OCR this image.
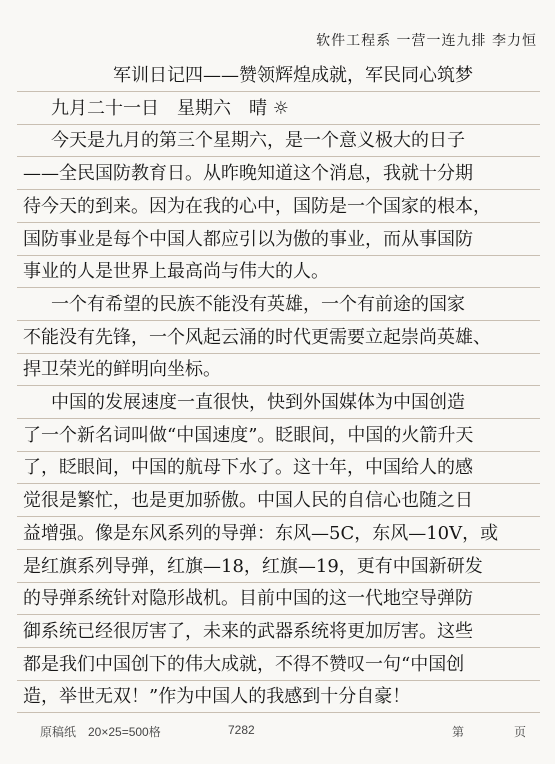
软件工程系 一营一连九排 李力恒
军训日记四——赞领辉煌成就，军民同心筑梦
九月二十一日　星期六　晴 ☼
今天是九月的第三个星期六，是一个意义极大的日子
——全民国防教育日。从昨晚知道这个消息，我就十分期
待今天的到来。因为在我的心中，国防是一个国家的根本，
国防事业是每个中国人都应引以为傲的事业，而从事国防
事业的人是世界上最高尚与伟大的人。
一个有希望的民族不能没有英雄，一个有前途的国家
不能没有先锋，一个风起云涌的时代更需要立起崇尚英雄、
捍卫荣光的鲜明向坐标。
中国的发展速度一直很快，快到外国媒体为中国创造
了一个新名词叫做“中国速度”。眨眼间，中国的火箭升天
了，眨眼间，中国的航母下水了。这十年，中国给人的感
觉很是繁忙，也是更加骄傲。中国人民的自信心也随之日
益增强。像是东风系列的导弹：东风—5C，东风—10V，或
是红旗系列导弹，红旗—18，红旗—19，更有中国新研发
的导弹系统针对隐形战机。目前中国的这一代地空导弹防
御系统已经很厉害了，未来的武器系统将更加厉害。这些
都是我们中国创下的伟大成就，不得不赞叹一句“中国创
造，举世无双！”作为中国人的我感到十分自豪！
原稿纸　20×25=500格	7282	第	页
